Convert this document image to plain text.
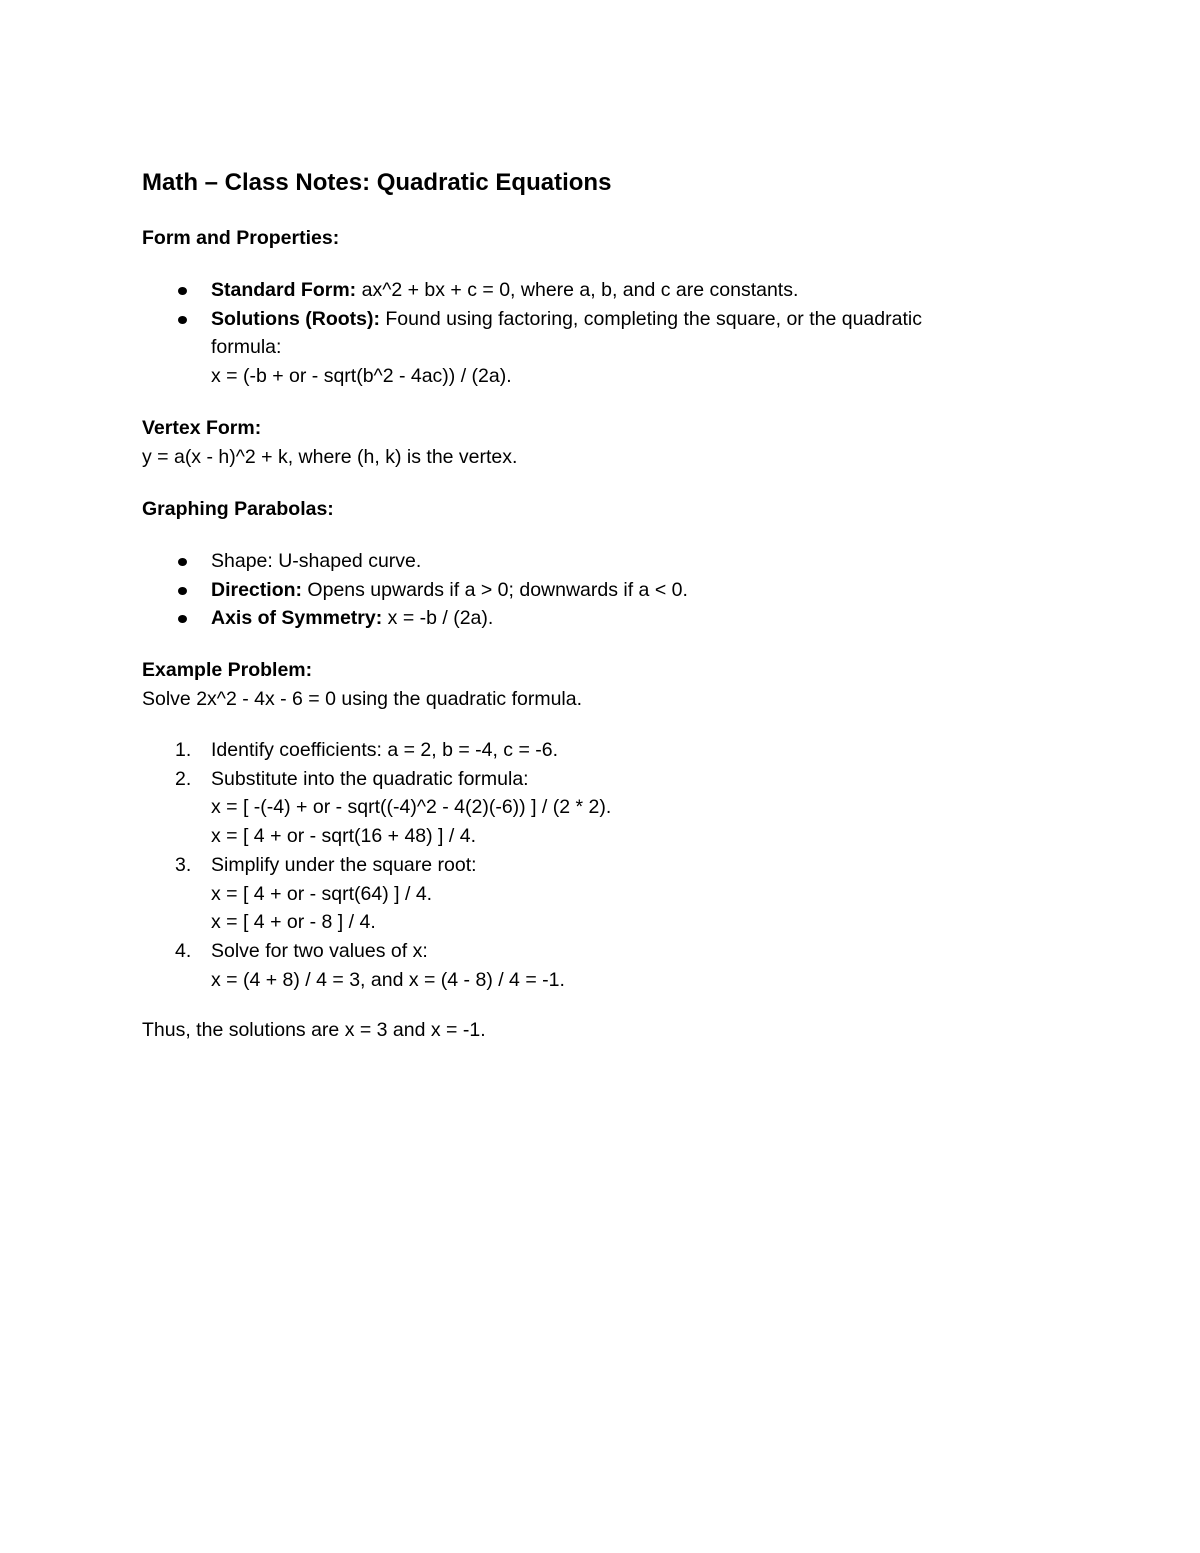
Math – Class Notes: Quadratic Equations
Form and Properties:
Standard Form: ax^2 + bx + c = 0, where a, b, and c are constants.
Solutions (Roots): Found using factoring, completing the square, or the quadratic
formula:
x = (-b + or - sqrt(b^2 - 4ac)) / (2a).
Vertex Form:

y = a(x - h)^2 + k, where (h, k) is the vertex.

Graphing Parabolas:
Shape: U-shaped curve.
Direction: Opens upwards if a > 0; downwards if a < 0.
Axis of Symmetry: x = -b / (2a).
Example Problem:

Solve 2x^2 - 4x - 6 = 0 using the quadratic formula.

1. Identify coefficients: a = 2, b = -4, c = -6.
2. Substitute into the quadratic formula:
x = [ -(-4) + or - sqrt((-4)^2 - 4(2)(-6)) ] / (2 * 2).
x = [ 4 + or - sqrt(16 + 48) ] / 4.
3. Simplify under the square root:
x = [ 4 + or - sqrt(64) ] / 4.
x = [ 4 + or - 8 ] / 4.
4. Solve for two values of x:
x = (4 + 8) / 4 = 3, and x = (4 - 8) / 4 = -1.

Thus, the solutions are x = 3 and x = -1.
